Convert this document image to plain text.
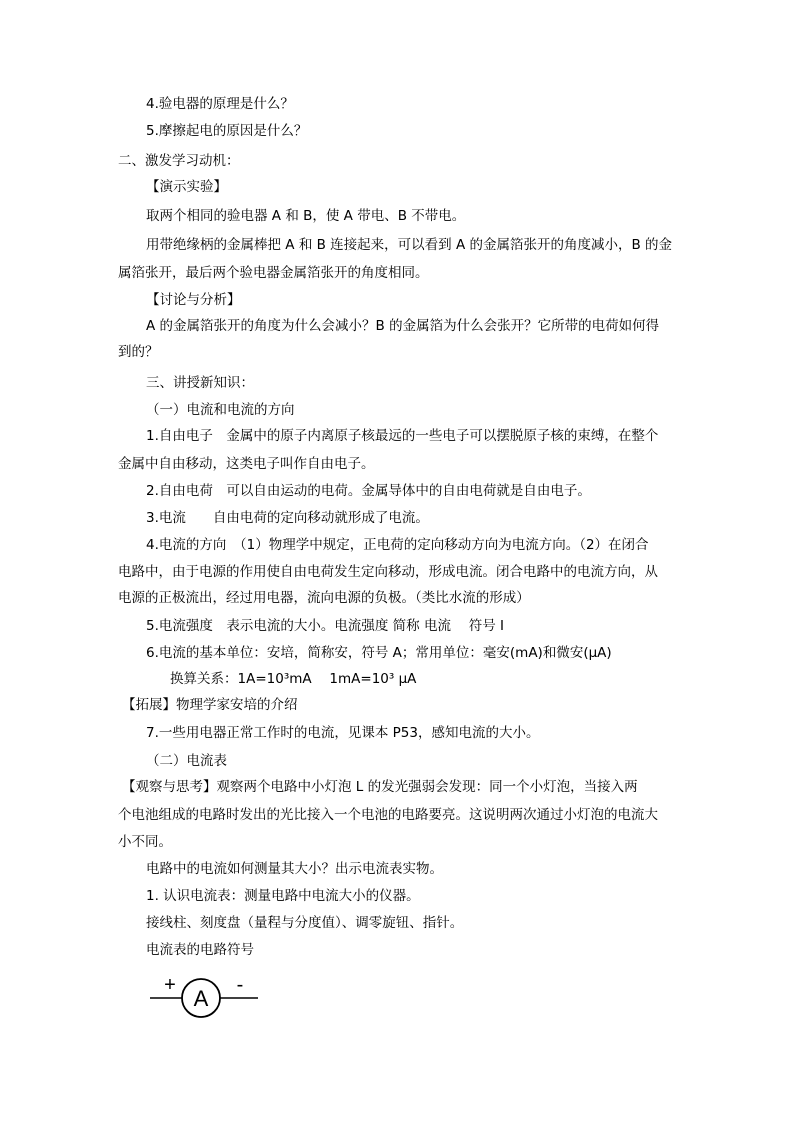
4.验电器的原理是什么？
5.摩擦起电的原因是什么？
二、激发学习动机：
【演示实验】
取两个相同的验电器 A 和 B，使 A 带电、B 不带电。
用带绝缘柄的金属棒把 A 和 B 连接起来，可以看到 A 的金属箔张开的角度减小，B 的金
属箔张开，最后两个验电器金属箔张开的角度相同。
【讨论与分析】
A 的金属箔张开的角度为什么会减小？B 的金属箔为什么会张开？它所带的电荷如何得
到的？
三、讲授新知识：
（一）电流和电流的方向
1.自由电子　金属中的原子内离原子核最远的一些电子可以摆脱原子核的束缚，在整个
金属中自由移动，这类电子叫作自由电子。
2.自由电荷　可以自由运动的电荷。金属导体中的自由电荷就是自由电子。
3.电流　　自由电荷的定向移动就形成了电流。
4.电流的方向　（1）物理学中规定，正电荷的定向移动方向为电流方向。（2）在闭合
电路中，由于电源的作用使自由电荷发生定向移动，形成电流。闭合电路中的电流方向，从
电源的正极流出，经过用电器，流向电源的负极。（类比水流的形成）
5.电流强度　表示电流的大小。电流强度 简称 电流　 符号 I
6.电流的基本单位：安培，简称安，符号 A；常用单位：毫安(mA)和微安(μA)
换算关系：1A=10³mA　 1mA=10³ μA
【拓展】物理学家安培的介绍
7.一些用电器正常工作时的电流，见课本 P53，感知电流的大小。
（二）电流表
【观察与思考】观察两个电路中小灯泡 L 的发光强弱会发现：同一个小灯泡，当接入两
个电池组成的电路时发出的光比接入一个电池的电路要亮。这说明两次通过小灯泡的电流大
小不同。
电路中的电流如何测量其大小？出示电流表实物。
1. 认识电流表：测量电路中电流大小的仪器。
接线柱、刻度盘（量程与分度值）、调零旋钮、指针。
电流表的电路符号
+
A
-
